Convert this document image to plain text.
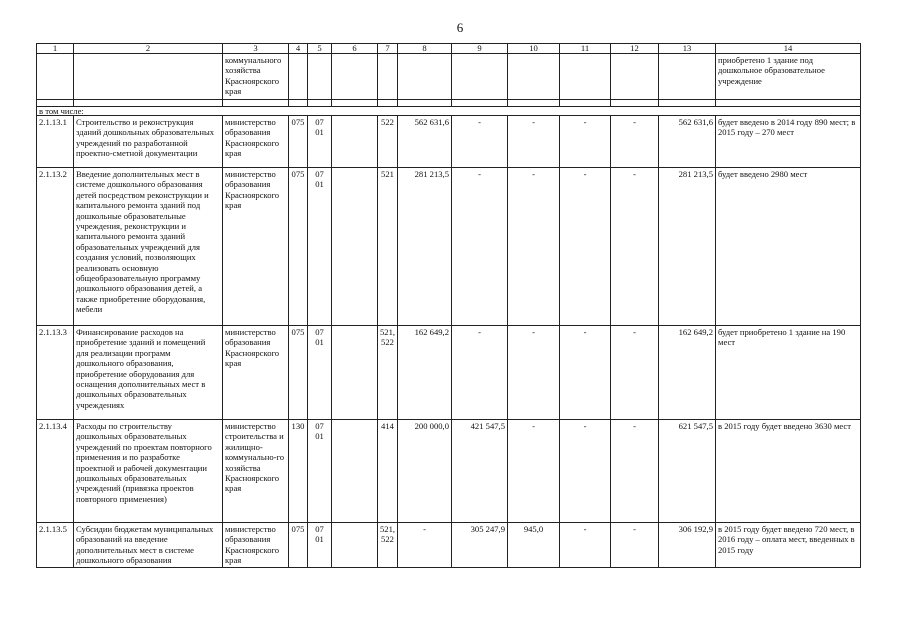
6
1	2	3	4	5	6	7	8	9	10	11	12	13	14
		коммунального хозяйства Красноярского края											приобретено 1 здание под дошкольное образовательное учреждение

в том числе:													
2.1.13.1	Строительство и реконструкция зданий дошкольных образовательных учреждений по разработанной проектно-сметной документации	министерство образования Красноярского края	075	07 01		522	562 631,6	-	-	-	-	562 631,6	будет введено в 2014 году 890 мест; в 2015 году – 270 мест
2.1.13.2	Введение дополнительных мест в системе дошкольного образования детей посредством реконструкции и капитального ремонта зданий под дошкольные образовательные учреждения, реконструкции и капитального ремонта зданий образовательных учреждений для создания условий, позволяющих реализовать основную общеобразовательную программу дошкольного образования детей, а также приобретение оборудования, мебели	министерство образования Красноярского края	075	07 01		521	281 213,5	-	-	-	-	281 213,5	будет введено 2980 мест
2.1.13.3	Финансирование расходов на приобретение зданий и помещений для реализации программ дошкольного образования, приобретение оборудования для оснащения дополнительных мест в дошкольных образовательных учреждениях	министерство образования Красноярского края	075	07 01		521, 522	162 649,2	-	-	-	-	162 649,2	будет приобретено 1 здание на 190 мест
2.1.13.4	Расходы по строительству дошкольных образовательных учреждений по проектам повторного применения и по разработке проектной и рабочей документации дошкольных образовательных учреждений (привязка проектов повторного применения)	министерство строительства и жилищно-коммунально-го хозяйства Красноярского края	130	07 01		414	200 000,0	421 547,5	-	-	-	621 547,5	в 2015 году будет введено 3630 мест
2.1.13.5	Субсидии бюджетам муниципальных образований на введение дополнительных мест в системе дошкольного образования	министерство образования Красноярского края	075	07 01		521, 522	-	305 247,9	945,0	-	-	306 192,9	в 2015 году будет введено 720 мест, в 2016 году – оплата мест, введенных в 2015 году
